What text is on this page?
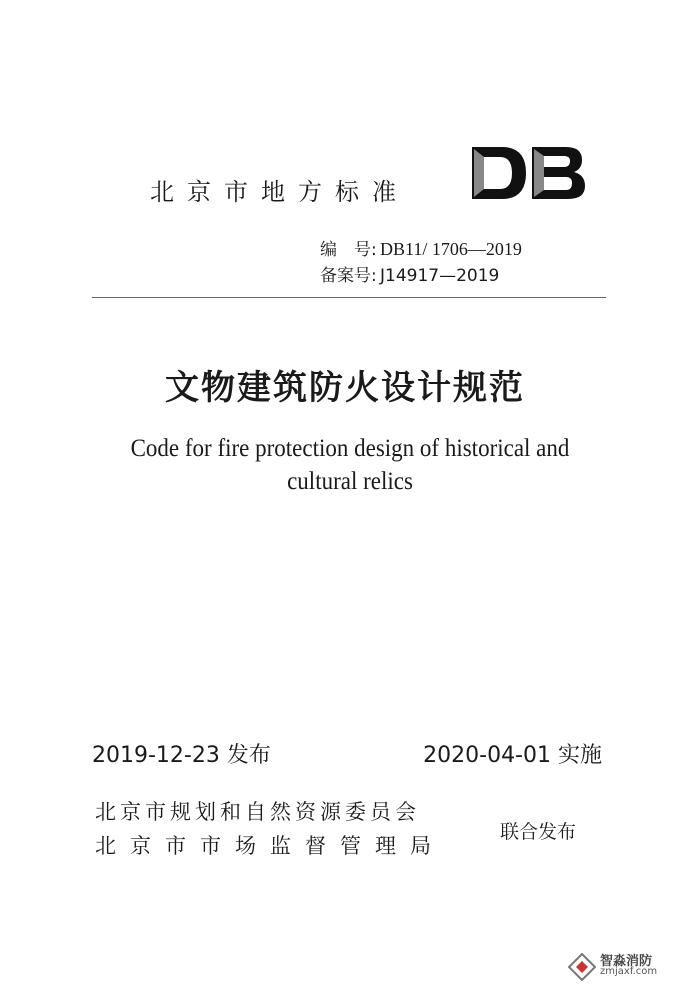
北京市地方标准
编　号: DB11/ 1706—2019
备案号: J14917—2019
文物建筑防火设计规范
Code for fire protection design of historical and
cultural relics
2019-12-23 发布	2020-04-01 实施
北京市规划和自然资源委员会
北京市市场监督管理局
联合发布
智淼消防
zmjaxf.com
